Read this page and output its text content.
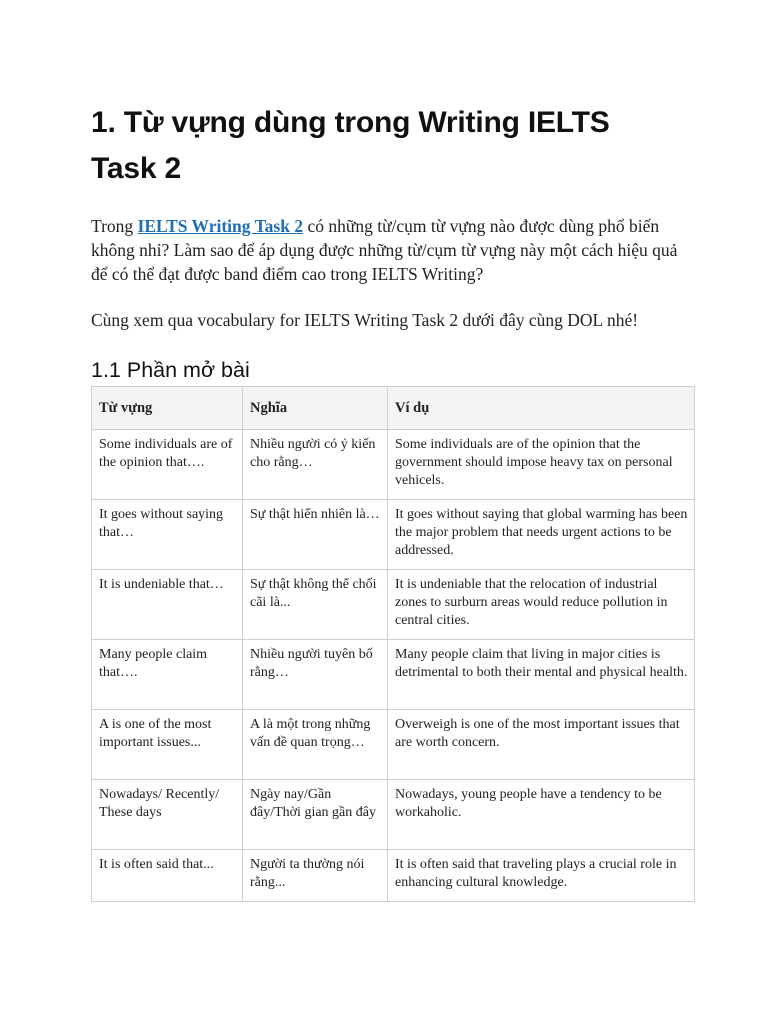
1. Từ vựng dùng trong Writing IELTS
Task 2

Trong IELTS Writing Task 2 có những từ/cụm từ vựng nào được dùng phổ biến không nhỉ? Làm sao để áp dụng được những từ/cụm từ vựng này một cách hiệu quả để có thể đạt được band điểm cao trong IELTS Writing?

Cùng xem qua vocabulary for IELTS Writing Task 2 dưới đây cùng DOL nhé!

1.1 Phần mở bài
Từ vựng	Nghĩa	Ví dụ
Some individuals are of the opinion that….	Nhiều người có ý kiến cho rằng…	Some individuals are of the opinion that the government should impose heavy tax on personal vehicels.
It goes without saying that…	Sự thật hiển nhiên là…	It goes without saying that global warming has been the major problem that needs urgent actions to be addressed.
It is undeniable that…	Sự thật không thể chối cãi là...	It is undeniable that the relocation of industrial zones to surburn areas would reduce pollution in central cities.
Many people claim that….	Nhiều người tuyên bố rằng…	Many people claim that living in major cities is detrimental to both their mental and physical health.
A is one of the most important issues...	A là một trong những vấn đề quan trọng…	Overweigh is one of the most important issues that are worth concern.
Nowadays/ Recently/ These days	Ngày nay/Gần đây/Thời gian gần đây	Nowadays, young people have a tendency to be workaholic.
It is often said that...	Người ta thường nói rằng...	It is often said that traveling plays a crucial role in enhancing cultural knowledge.
